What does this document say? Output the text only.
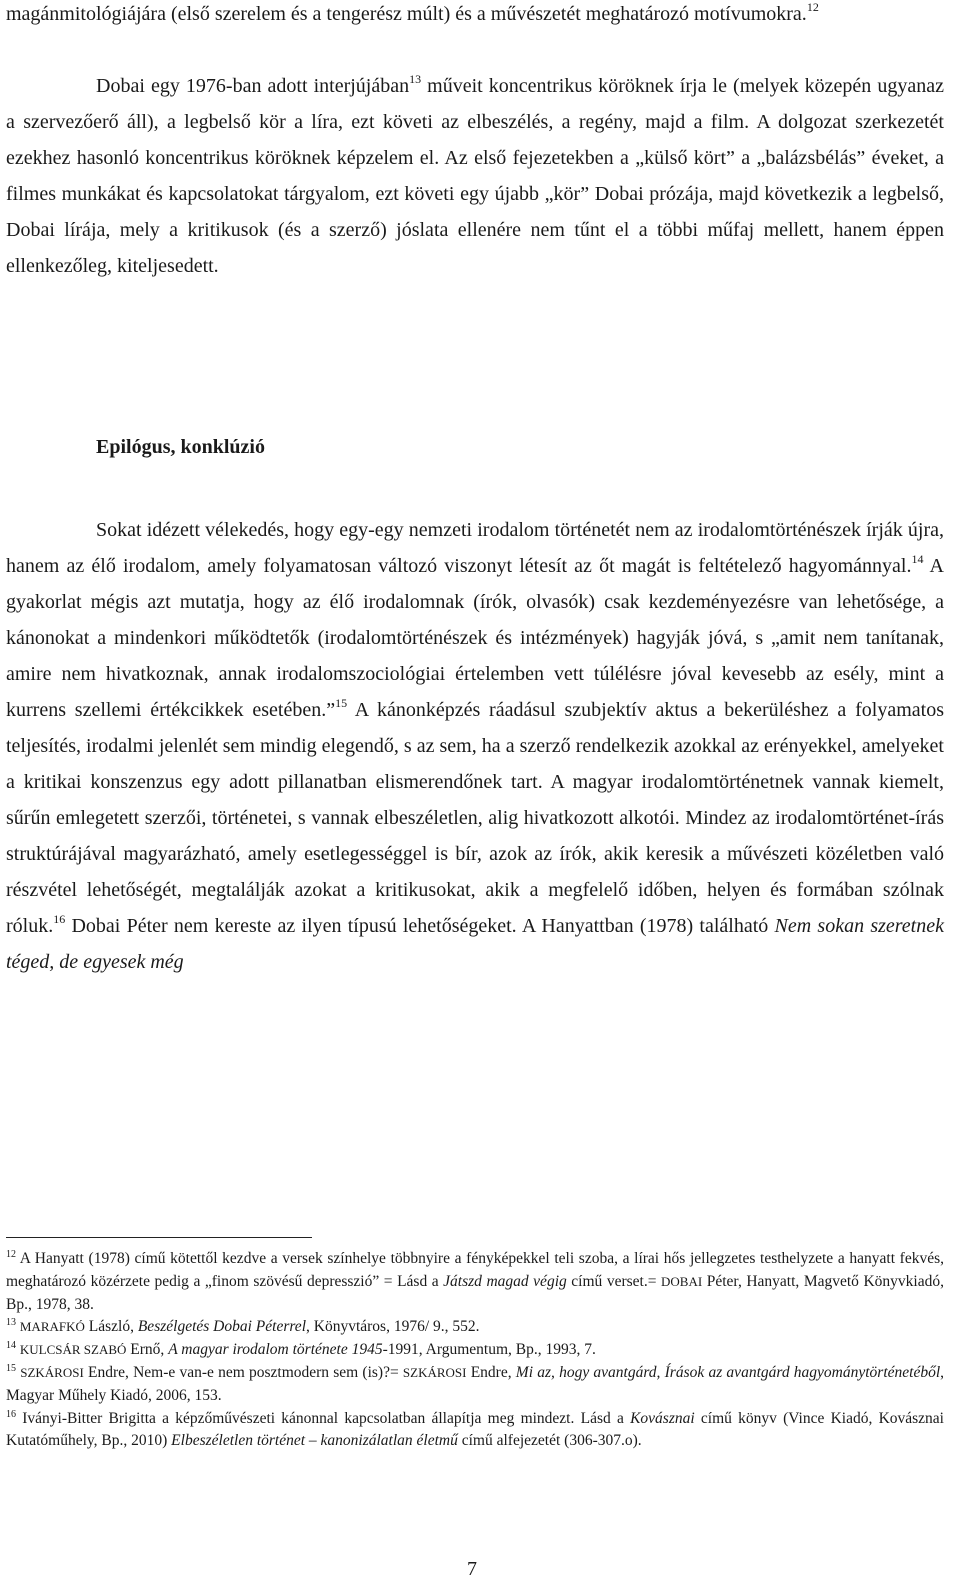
magánmitológiájára (első szerelem és a tengerész múlt) és a művészetét meghatározó motívumokra.$^{12}$

Dobai egy 1976-ban adott interjújában$^{13}$ műveit koncentrikus köröknek írja le (melyek közepén ugyanaz a szervezőerő áll), a legbelső kör a líra, ezt követi az elbeszélés, a regény, majd a film. A dolgozat szerkezetét ezekhez hasonló koncentrikus köröknek képzelem el. Az első fejezetekben a „külső kört” a „balázsbélás” éveket, a filmes munkákat és kapcsolatokat tárgyalom, ezt követi egy újabb „kör” Dobai prózája, majd következik a legbelső, Dobai lírája, mely a kritikusok (és a szerző) jóslata ellenére nem tűnt el a többi műfaj mellett, hanem éppen ellenkezőleg, kiteljesedett.

Epilógus, konklúzió

Sokat idézett vélekedés, hogy egy-egy nemzeti irodalom történetét nem az irodalomtörténészek írják újra, hanem az élő irodalom, amely folyamatosan változó viszonyt létesít az őt magát is feltételező hagyománnyal.$^{14}$ A gyakorlat mégis azt mutatja, hogy az élő irodalomnak (írók, olvasók) csak kezdeményezésre van lehetősége, a kánonokat a mindenkori működtetők (irodalomtörténészek és intézmények) hagyják jóvá, s „amit nem tanítanak, amire nem hivatkoznak, annak irodalomszociológiai értelemben vett túlélésre jóval kevesebb az esély, mint a kurrens szellemi értékcikkek esetében.”$^{15}$ A kánonképzés ráadásul szubjektív aktus a bekerüléshez a folyamatos teljesítés, irodalmi jelenlét sem mindig elegendő, s az sem, ha a szerző rendelkezik azokkal az erényekkel, amelyeket a kritikai konszenzus egy adott pillanatban elismerendőnek tart. A magyar irodalomtörténetnek vannak kiemelt, sűrűn emlegetett szerzői, történetei, s vannak elbeszéletlen, alig hivatkozott alkotói. Mindez az irodalomtörténet-írás struktúrájával magyarázható, amely esetlegességgel is bír, azok az írók, akik keresik a művészeti közéletben való részvétel lehetőségét, megtalálják azokat a kritikusokat, akik a megfelelő időben, helyen és formában szólnak róluk.$^{16}$ Dobai Péter nem kereste az ilyen típusú lehetőségeket. A Hanyattban (1978) található Nem sokan szeretnek téged, de egyesek még

$^{12}$ A Hanyatt (1978) című kötettől kezdve a versek színhelye többnyire a fényképekkel teli szoba, a lírai hős jellegzetes testhelyzete a hanyatt fekvés, meghatározó közérzete pedig a „finom szövésű depresszió” = Lásd a Játszd magad végig című verset.= DOBAI Péter, Hanyatt, Magvető Könyvkiadó, Bp., 1978, 38.

$^{13}$ MARAFKÓ László, Beszélgetés Dobai Péterrel, Könyvtáros, 1976/ 9., 552.

$^{14}$ KULCSÁR SZABÓ Ernő, A magyar irodalom története 1945-1991, Argumentum, Bp., 1993, 7.

$^{15}$ SZKÁROSI Endre, Nem-e van-e nem posztmodern sem (is)?= SZKÁROSI Endre, Mi az, hogy avantgárd, Írások az avantgárd hagyománytörténetéből, Magyar Műhely Kiadó, 2006, 153.

$^{16}$ Iványi-Bitter Brigitta a képzőművészeti kánonnal kapcsolatban állapítja meg mindezt. Lásd a Kovásznai című könyv (Vince Kiadó, Kovásznai Kutatóműhely, Bp., 2010) Elbeszéletlen történet – kanonizálatlan életmű című alfejezetét (306-307.o).

7
